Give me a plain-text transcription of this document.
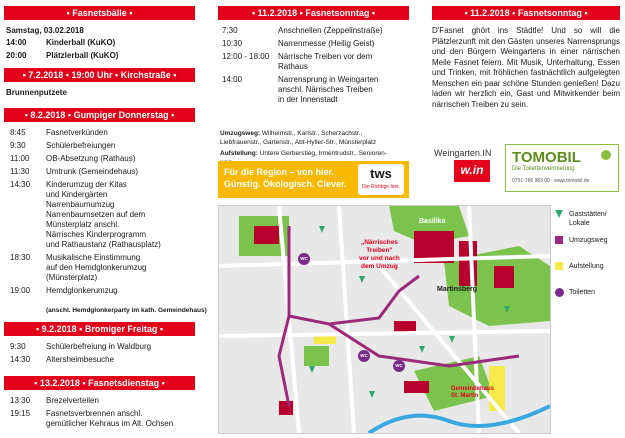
▪ Fasnetsbälle ▪
Samstag, 03.02.2018
14:00	Kinderball (KuKO)
20:00	Plätzlerball (KuKO)
▪ 7.2.2018 ▪ 19:00 Uhr ▪ Kirchstraße ▪
Brunnenputzete
▪ 8.2.2018 ▪ Gumpiger Donnerstag ▪
8:45	Fasnetverkünden
9:30	Schülerbefreiungen
11:00	OB-Absetzung (Rathaus)
11:30	Umtrunk (Gemeindehaus)
14:30	Kinderumzug der Kitas
und Kindergärten
Narrenbaumumzug
Narrenbaumsetzen auf dem
Münsterplatz anschl.
Närrisches Kinderprogramm
und Rathaustanz (Rathausplatz)
18:30	Musikalische Einstimmung
auf den Hemdglonkerumzug
(Münsterplatz)
19:00	Hemdglonkerumzug
(anschl. Hemdglonkerparty im kath. Gemeindehaus)
▪ 9.2.2018 ▪ Bromiger Freitag ▪
9:30	Schülerbefreiung in Waldburg
14:30	Altersheimbesuche
▪ 13.2.2018 ▪ Fasnetsdienstag ▪
13:30	Brezelverteilen
19:15	Fasnetsverbrennen anschl.
gemütlicher Kehraus im Alt. Ochsen
▪ 11.2.2018 ▪ Fasnetsonntag ▪
7:30	Anschnellen (Zeppelinstraße)
10:30	Narrenmesse (Heilig Geist)
12:00 - 18:00	Närrische Treiben vor dem
Rathaus
14:00	Narrensprung in Weingarten
anschl. Närrisches Treiben
in der Innenstadt

Umzugsweg: Wilhelmstr., Karlstr., Scherzachstr.,
Liebfrauenstr., Gartenstr., Abt-Hyller-Str., Münsterplatz

Aufstellung: Untere Gerberstieg, Irmentrudstr., Senioren-

Für die Region – von hier.
Günstig. Ökologisch. Clever.
tws
Die Richtige hier.
▪ 11.2.2018 ▪ Fasnetsonntag ▪
D'Fasnet ghört ins Städtle! Und so will die Plätzlerzunft mit den Gästen unseres Narrensprungs und den Bürgern Weingartens in einer närrischen Meile Fasnet feiern. Mit Musik, Unterhaltung, Essen und Trinken, mit fröhlichen fastnächtlich aufgelegten Menschen ein paar schöne Stunden genießen! Dazu laden wir herzlich ein, Gast und Mitwirkender beim närrischen Treiben zu sein.
Weingarten.IN
w.in
TOMOBIL
Die Toilettenvermietung
0751-766 983 00 · www.tomobil.de
Basilika
Martinsberg
„Närrisches
Treiben"
vor und nach
dem Umzug
Gemeindehaus
St. Martin
WC
WC
WC
Gaststätten/
Lokale
Umzugsweg
Aufstellung
Toiletten
